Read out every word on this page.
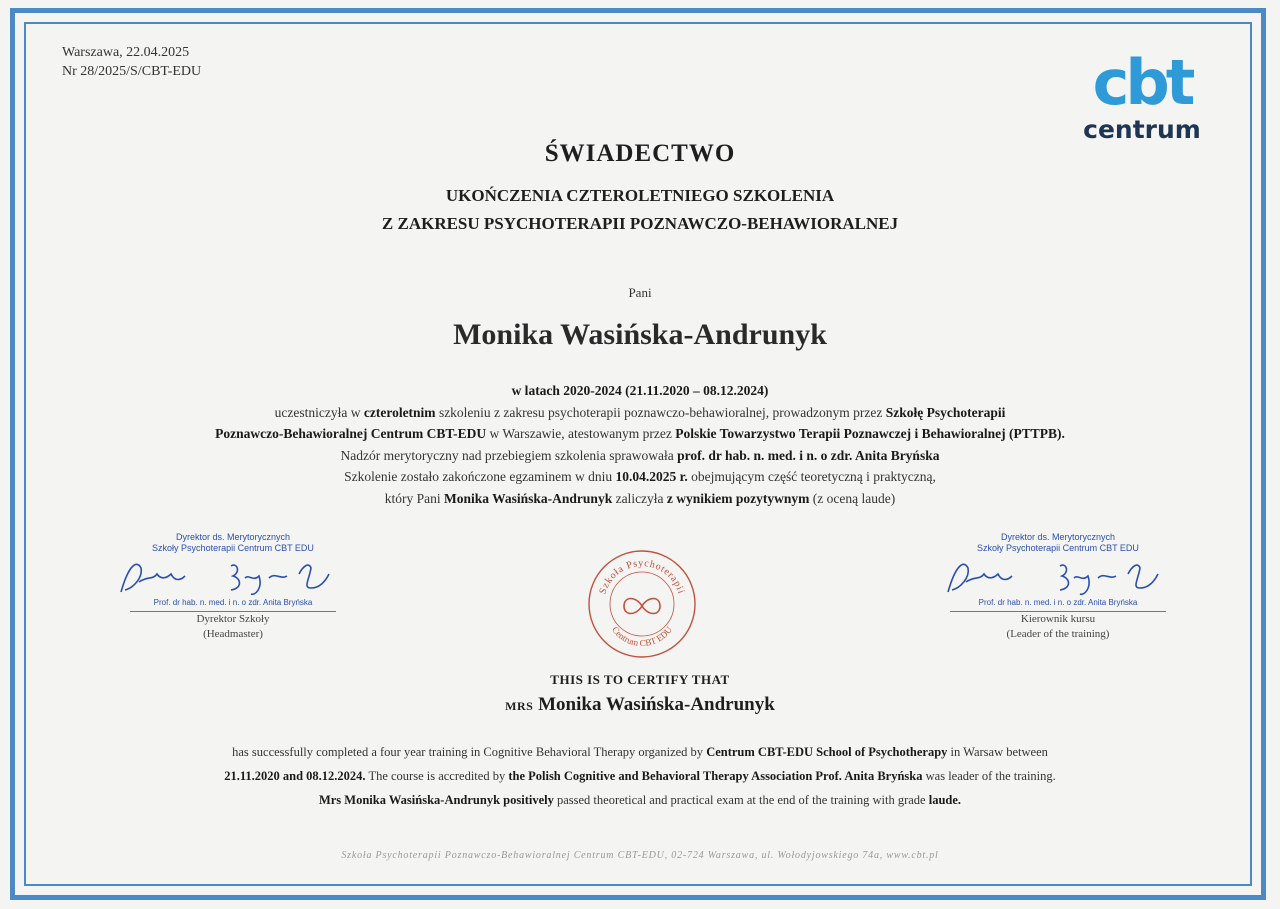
Warszawa, 22.04.2025
Nr 28/2025/S/CBT-EDU	cbt
centrum
ŚWIADECTWO
UKOŃCZENIA CZTEROLETNIEGO SZKOLENIA
Z ZAKRESU PSYCHOTERAPII POZNAWCZO-BEHAWIORALNEJ
Pani
Monika Wasińska-Andrunyk
w latach 2020-2024 (21.11.2020 – 08.12.2024)
uczestniczyła w czteroletnim szkoleniu z zakresu psychoterapii poznawczo-behawioralnej, prowadzonym przez Szkołę Psychoterapii
Poznawczo-Behawioralnej Centrum CBT-EDU w Warszawie, atestowanym przez Polskie Towarzystwo Terapii Poznawczej i Behawioralnej (PTTPB).
Nadzór merytoryczny nad przebiegiem szkolenia sprawowała prof. dr hab. n. med. i n. o zdr. Anita Bryńska
Szkolenie zostało zakończone egzaminem w dniu 10.04.2025 r. obejmującym część teoretyczną i praktyczną,
który Pani Monika Wasińska-Andrunyk zaliczyła z wynikiem pozytywnym (z oceną laude)
Dyrektor ds. Merytorycznych
Szkoły Psychoterapii Centrum CBT EDU
Prof. dr hab. n. med. i n. o zdr. Anita Bryńska
Dyrektor Szkoły
(Headmaster)
Szkoła Psychoterapii
Centrum CBT EDU
Dyrektor ds. Merytorycznych
Szkoły Psychoterapii Centrum CBT EDU
Prof. dr hab. n. med. i n. o zdr. Anita Bryńska
Kierownik kursu
(Leader of the training)
THIS IS TO CERTIFY THAT
MRS Monika Wasińska-Andrunyk
has successfully completed a four year training in Cognitive Behavioral Therapy organized by Centrum CBT-EDU School of Psychotherapy in Warsaw between
21.11.2020 and 08.12.2024. The course is accredited by the Polish Cognitive and Behavioral Therapy Association Prof. Anita Bryńska was leader of the training.
Mrs Monika Wasińska-Andrunyk positively passed theoretical and practical exam at the end of the training with grade laude.
Szkoła Psychoterapii Poznawczo-Behawioralnej Centrum CBT-EDU, 02-724 Warszawa, ul. Wołodyjowskiego 74a, www.cbt.pl
